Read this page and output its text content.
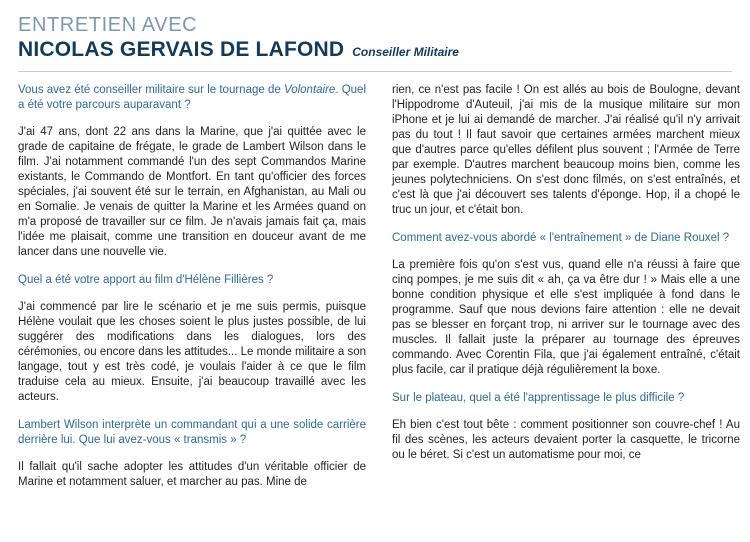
ENTRETIEN AVEC
NICOLAS GERVAIS DE LAFOND Conseiller Militaire

Vous avez été conseiller militaire sur le tournage de Volontaire. Quel a été votre parcours auparavant ?

J'ai 47 ans, dont 22 ans dans la Marine, que j'ai quittée avec le grade de capitaine de frégate, le grade de Lambert Wilson dans le film. J'ai notamment commandé l'un des sept Commandos Marine existants, le Commando de Montfort. En tant qu'officier des forces spéciales, j'ai souvent été sur le terrain, en Afghanistan, au Mali ou en Somalie. Je venais de quitter la Marine et les Armées quand on m'a proposé de travailler sur ce film. Je n'avais jamais fait ça, mais l'idée me plaisait, comme une transition en douceur avant de me lancer dans une nouvelle vie.

Quel a été votre apport au film d'Hélène Fillières ?

J'ai commencé par lire le scénario et je me suis permis, puisque Hélène voulait que les choses soient le plus justes possible, de lui suggérer des modifications dans les dialogues, lors des cérémonies, ou encore dans les attitudes... Le monde militaire a son langage, tout y est très codé, je voulais l'aider à ce que le film traduise cela au mieux. Ensuite, j'ai beaucoup travaillé avec les acteurs.

Lambert Wilson interprète un commandant qui a une solide carrière derrière lui. Que lui avez-vous « transmis » ?

Il fallait qu'il sache adopter les attitudes d'un véritable officier de Marine et notamment saluer, et marcher au pas. Mine de

rien, ce n'est pas facile ! On est allés au bois de Boulogne, devant l'Hippodrome d'Auteuil, j'ai mis de la musique militaire sur mon iPhone et je lui ai demandé de marcher. J'ai réalisé qu'il n'y arrivait pas du tout ! Il faut savoir que certaines armées marchent mieux que d'autres parce qu'elles défilent plus souvent ; l'Armée de Terre par exemple. D'autres marchent beaucoup moins bien, comme les jeunes polytechniciens. On s'est donc filmés, on s'est entraînés, et c'est là que j'ai découvert ses talents d'éponge. Hop, il a chopé le truc un jour, et c'était bon.

Comment avez-vous abordé « l'entraînement » de Diane Rouxel ?

La première fois qu'on s'est vus, quand elle n'a réussi à faire que cinq pompes, je me suis dit « ah, ça va être dur ! » Mais elle a une bonne condition physique et elle s'est impliquée à fond dans le programme. Sauf que nous devions faire attention : elle ne devait pas se blesser en forçant trop, ni arriver sur le tournage avec des muscles. Il fallait juste la préparer au tournage des épreuves commando. Avec Corentin Fila, que j'ai également entraîné, c'était plus facile, car il pratique déjà régulièrement la boxe.

Sur le plateau, quel a été l'apprentissage le plus difficile ?

Eh bien c'est tout bête : comment positionner son couvre-chef ! Au fil des scènes, les acteurs devaient porter la casquette, le tricorne ou le béret. Si c'est un automatisme pour moi, ce
